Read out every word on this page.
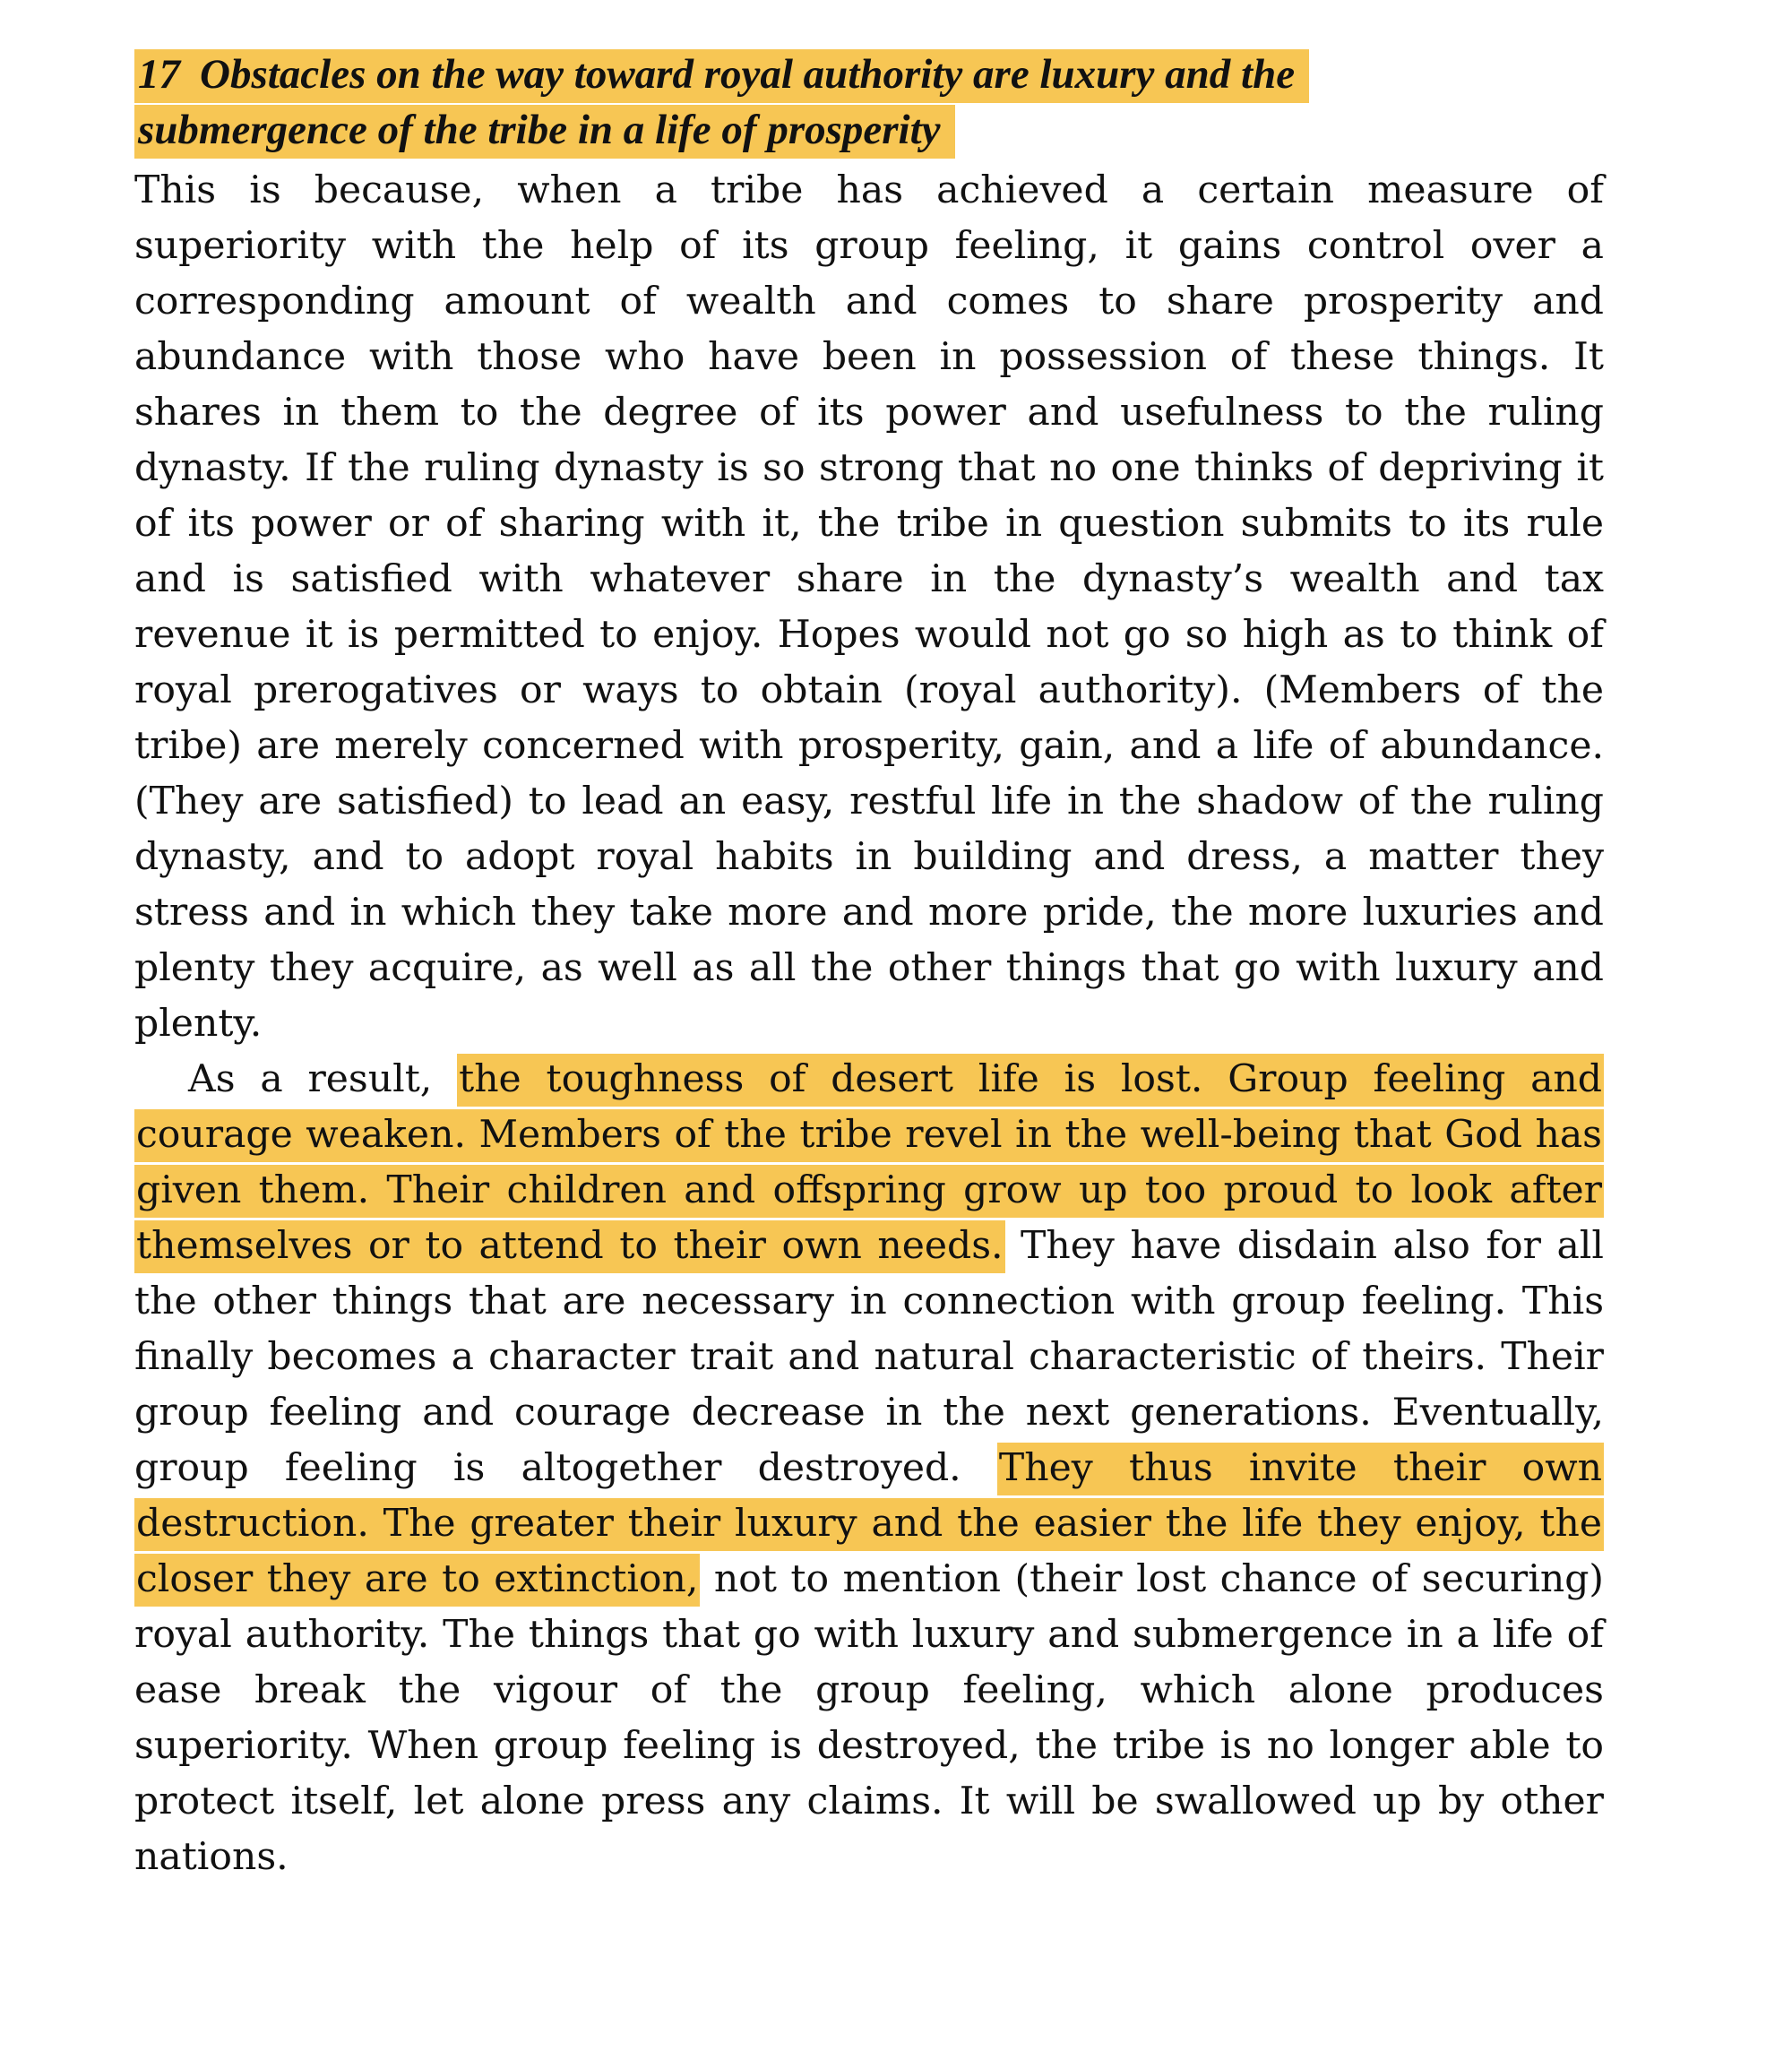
17 Obstacles on the way toward royal authority are luxury and the submergence of the tribe in a life of prosperity

This is because, when a tribe has achieved a certain measure of superiority with the help of its group feeling, it gains control over a corresponding amount of wealth and comes to share prosperity and abundance with those who have been in possession of these things. It shares in them to the degree of its power and usefulness to the ruling dynasty. If the ruling dynasty is so strong that no one thinks of depriving it of its power or of sharing with it, the tribe in question submits to its rule and is satisfied with whatever share in the dynasty’s wealth and tax revenue it is permitted to enjoy. Hopes would not go so high as to think of royal prerogatives or ways to obtain (royal authority). (Members of the tribe) are merely concerned with prosperity, gain, and a life of abundance. (They are satisfied) to lead an easy, restful life in the shadow of the ruling dynasty, and to adopt royal habits in building and dress, a matter they stress and in which they take more and more pride, the more luxuries and plenty they acquire, as well as all the other things that go with luxury and plenty.

As a result, the toughness of desert life is lost. Group feeling and courage weaken. Members of the tribe revel in the well-being that God has given them. Their children and offspring grow up too proud to look after themselves or to attend to their own needs. They have disdain also for all the other things that are necessary in connection with group feeling. This finally becomes a character trait and natural characteristic of theirs. Their group feeling and courage decrease in the next generations. Eventually, group feeling is altogether destroyed. They thus invite their own destruction. The greater their luxury and the easier the life they enjoy, the closer they are to extinction, not to mention (their lost chance of securing) royal authority. The things that go with luxury and submergence in a life of ease break the vigour of the group feeling, which alone produces superiority. When group feeling is destroyed, the tribe is no longer able to protect itself, let alone press any claims. It will be swallowed up by other nations.
